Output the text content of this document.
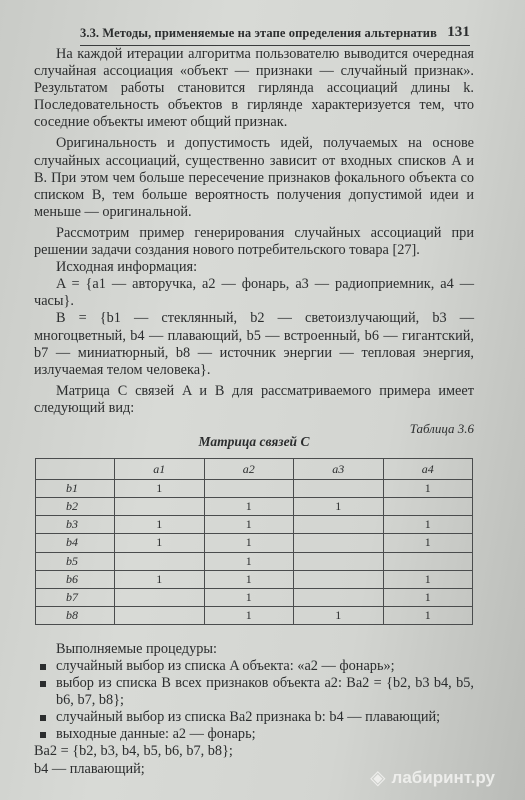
3.3. Методы, применяемые на этапе определения альтернатив 131

На каждой итерации алгоритма пользователю выводится очередная случайная ассоциация «объект — признаки — случайный признак». Результатом работы становится гирлянда ассоциаций длины k. Последовательность объектов в гирлянде характеризуется тем, что соседние объекты имеют общий признак.

Оригинальность и допустимость идей, получаемых на основе случайных ассоциаций, существенно зависит от входных списков A и B. При этом чем больше пересечение признаков фокального объекта со списком B, тем больше вероятность получения допустимой идеи и меньше — оригинальной.

Рассмотрим пример генерирования случайных ассоциаций при решении задачи создания нового потребительского товара [27].

Исходная информация:

A = {a1 — авторучка, a2 — фонарь, a3 — радиоприемник, a4 — часы}.

B = {b1 — стеклянный, b2 — светоизлучающий, b3 — многоцветный, b4 — плавающий, b5 — встроенный, b6 — гигантский, b7 — миниатюрный, b8 — источник энергии — тепловая энергия, излучаемая телом человека}.

Матрица C связей A и B для рассматриваемого примера имеет следующий вид:

Таблица 3.6
Матрица связей C
	a1	a2	a3	a4
b1	1			1
b2		1	1	
b3	1	1		1
b4	1	1		1
b5		1		
b6	1	1		1
b7		1		1
b8		1	1	1

Выполняемые процедуры:

случайный выбор из списка A объекта: «a2 — фонарь»;
выбор из списка B всех признаков объекта a2: Ba2 = {b2, b3 b4, b5, b6, b7, b8};
случайный выбор из списка Ba2 признака b: b4 — плавающий;
выходные данные: a2 — фонарь;
Ba2 = {b2, b3, b4, b5, b6, b7, b8};
b4 — плавающий;	◈ лабиринт.ру
